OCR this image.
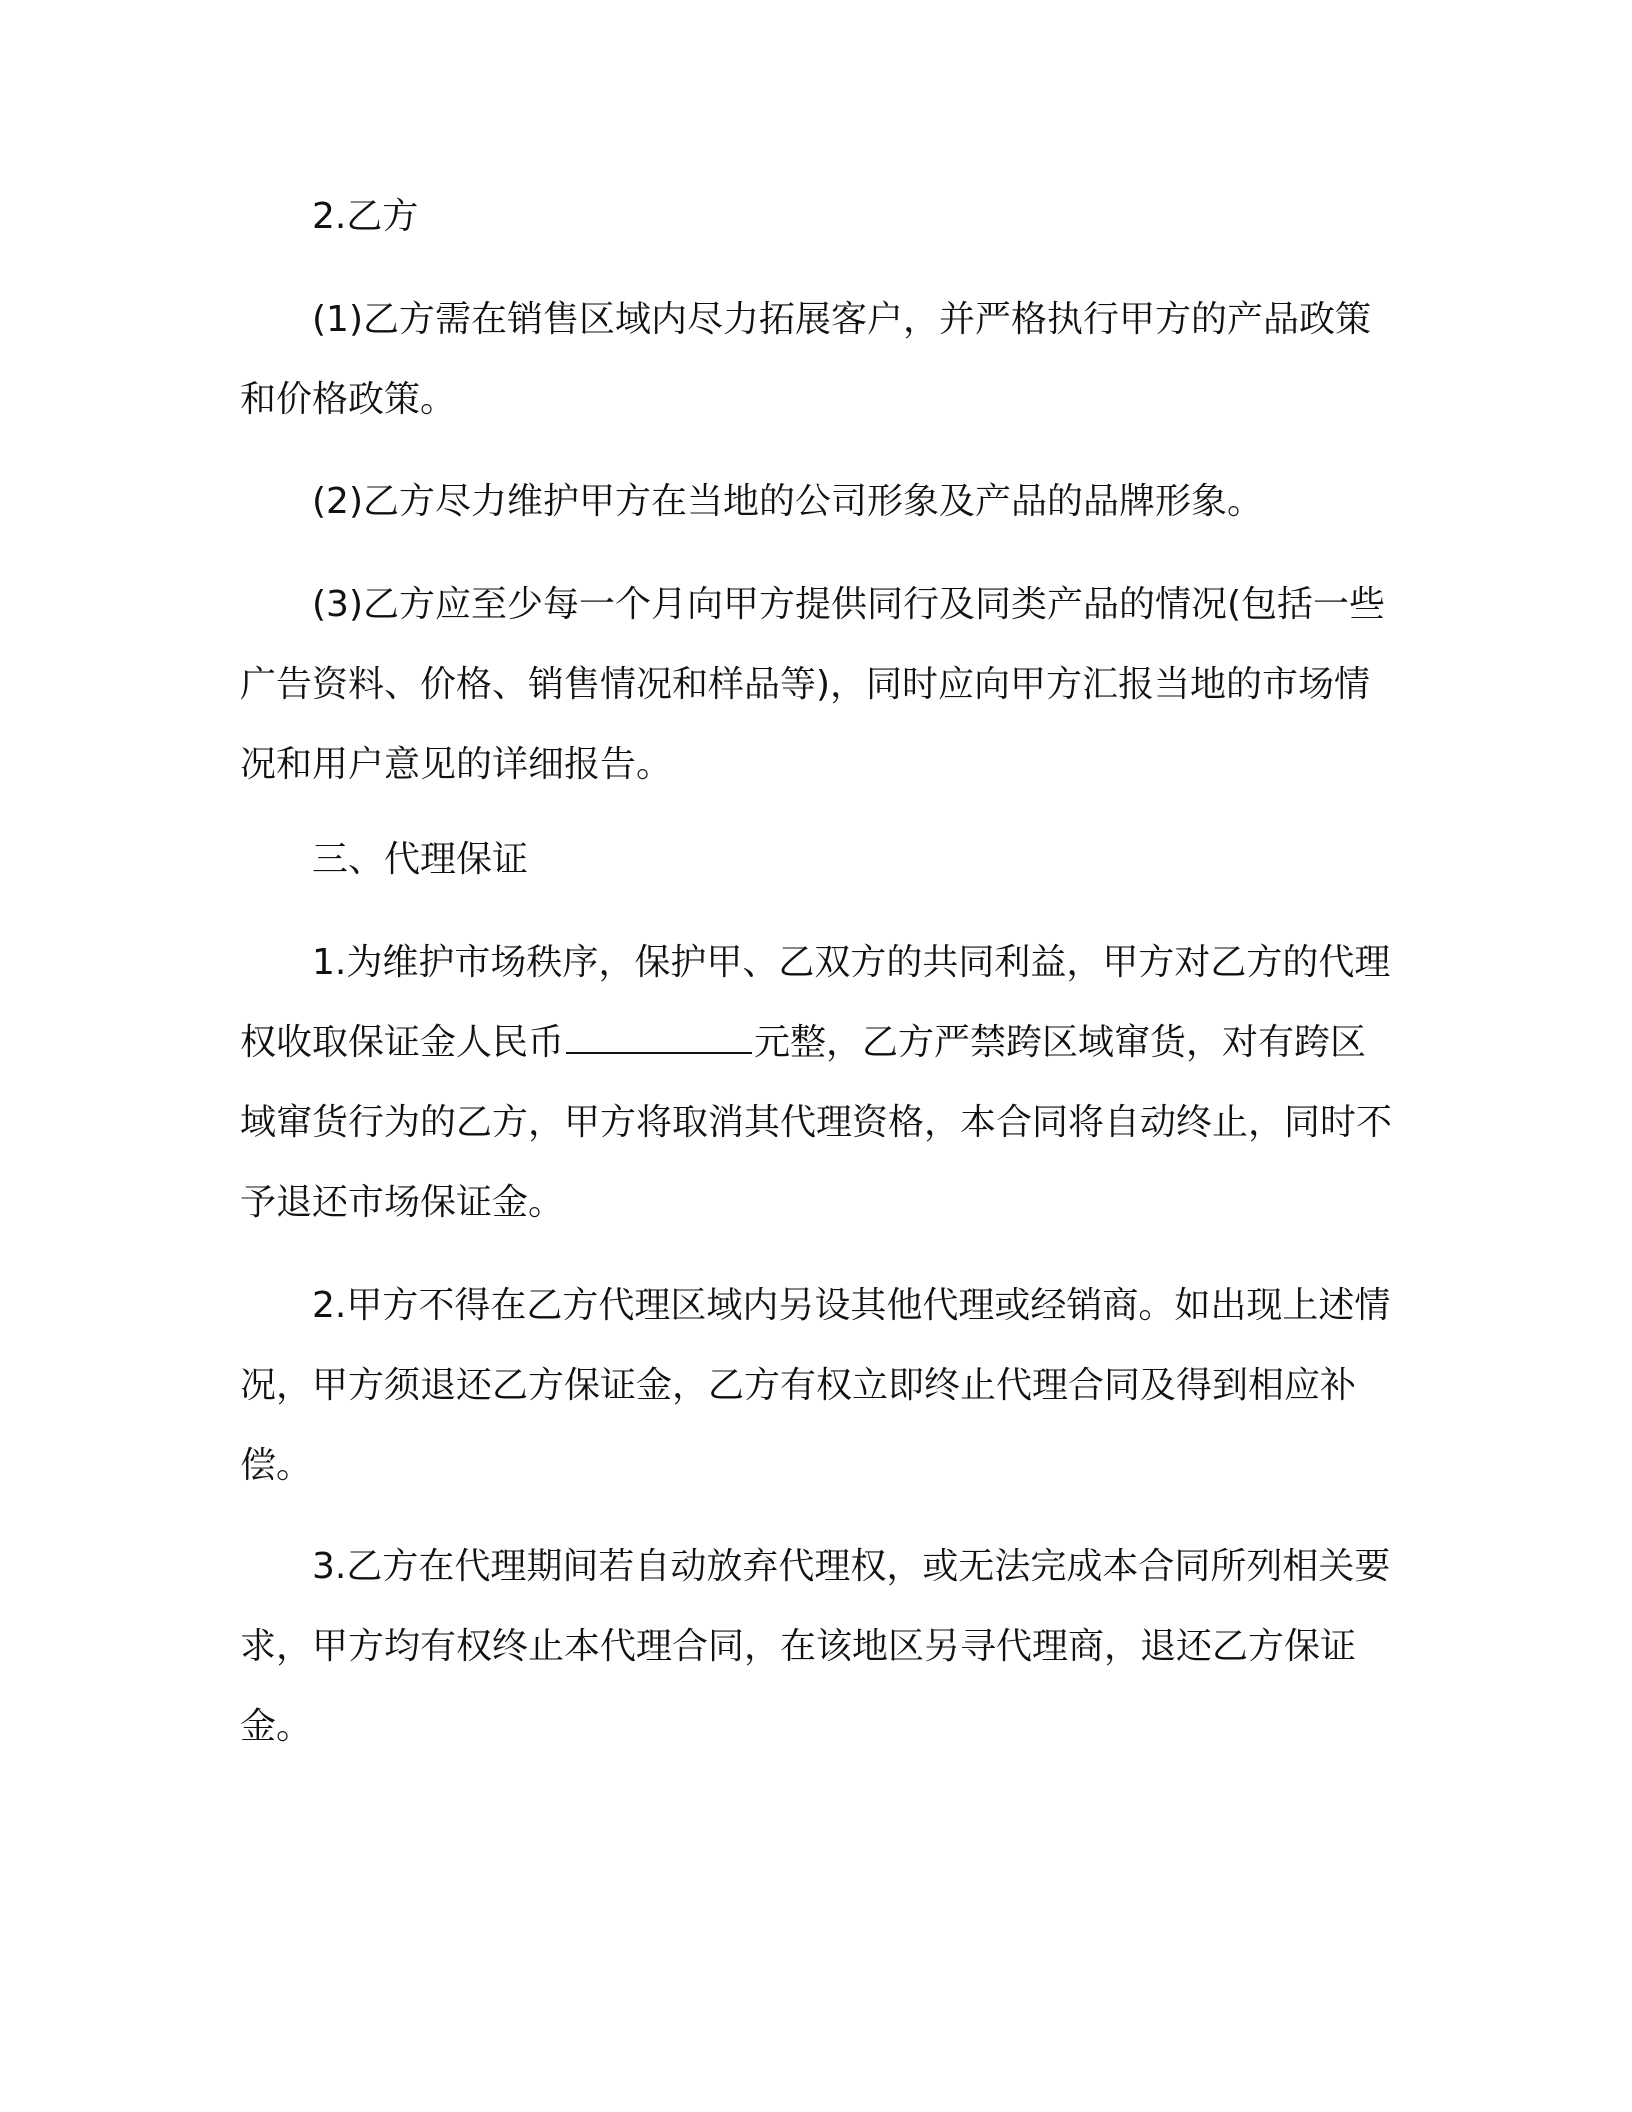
2.乙方
(1)乙方需在销售区域内尽力拓展客户，并严格执行甲方的产品政策和价格政策。
(2)乙方尽力维护甲方在当地的公司形象及产品的品牌形象。
(3)乙方应至少每一个月向甲方提供同行及同类产品的情况(包括一些广告资料、价格、销售情况和样品等)，同时应向甲方汇报当地的市场情况和用户意见的详细报告。
三、代理保证
1.为维护市场秩序，保护甲、乙双方的共同利益，甲方对乙方的代理权收取保证金人民币	元整，乙方严禁跨区域窜货，对有跨区域窜货行为的乙方，甲方将取消其代理资格，本合同将自动终止，同时不予退还市场保证金。
2.甲方不得在乙方代理区域内另设其他代理或经销商。如出现上述情况，甲方须退还乙方保证金，乙方有权立即终止代理合同及得到相应补偿。
3.乙方在代理期间若自动放弃代理权，或无法完成本合同所列相关要求，甲方均有权终止本代理合同，在该地区另寻代理商，退还乙方保证金。
